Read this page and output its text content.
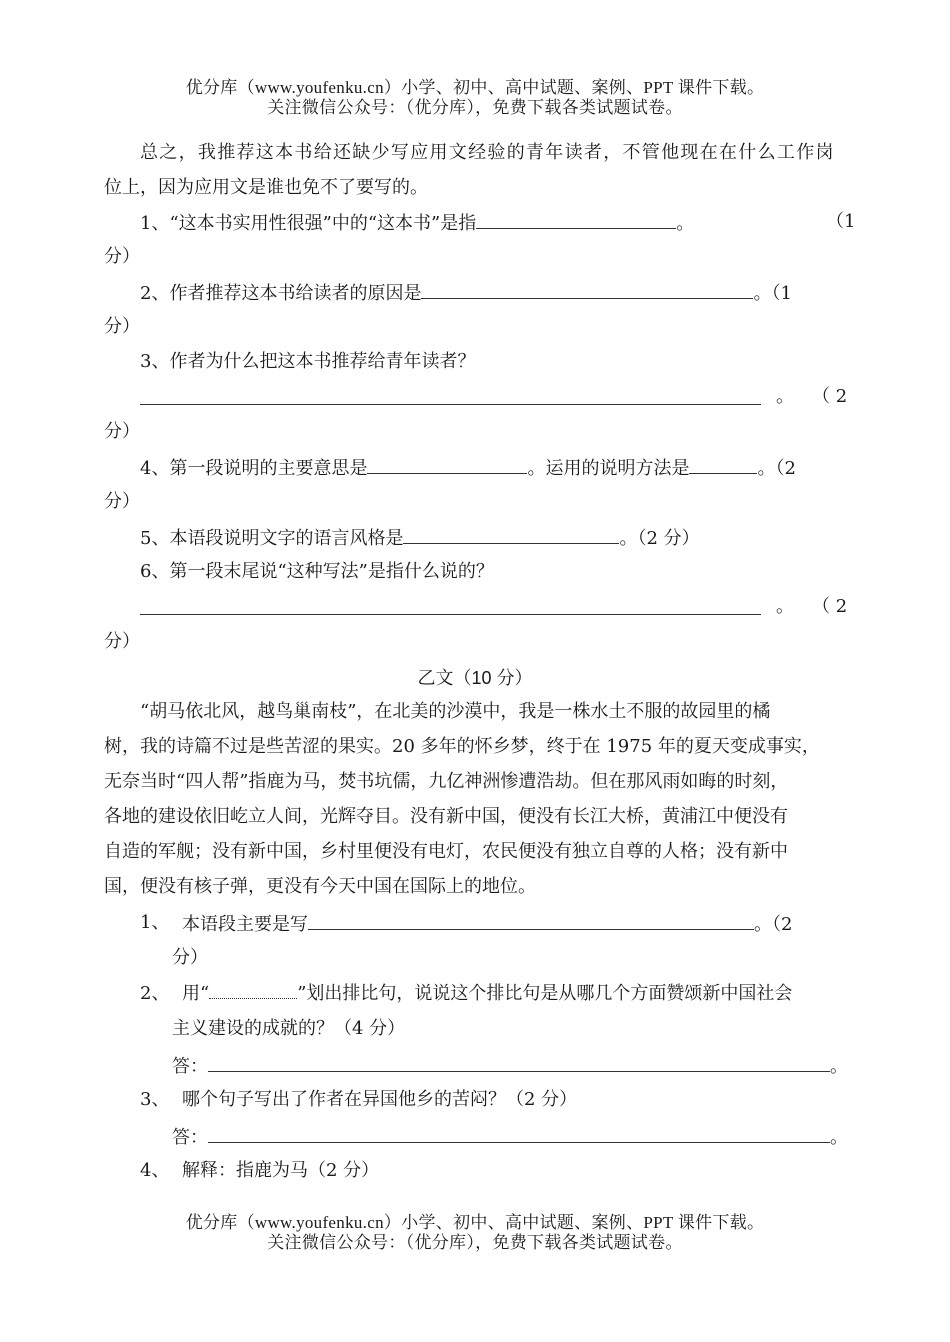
优分库（www.youfenku.cn）小学、初中、高中试题、案例、PPT 课件下载。
关注微信公众号：（优分库），免费下载各类试题试卷。
总之，我推荐这本书给还缺少写应用文经验的青年读者，不管他现在在什么工作岗
位上，因为应用文是谁也免不了要写的。
1、“这本书实用性很强”中的“这本书”是指	。	（1
分）
2、作者推荐这本书给读者的原因是	。（1
分）
3、作者为什么把这本书推荐给青年读者？
。 （ 2
分）
4、第一段说明的主要意思是	。运用的说明方法是	。（2
分）
5、本语段说明文字的语言风格是	。（2 分）
6、第一段末尾说“这种写法”是指什么说的？
。 （ 2
分）
乙文（10 分）
“胡马依北风，越鸟巢南枝”，在北美的沙漠中，我是一株水土不服的故园里的橘
树，我的诗篇不过是些苦涩的果实。20 多年的怀乡梦，终于在 1975 年的夏天变成事实，
无奈当时“四人帮”指鹿为马，焚书坑儒，九亿神洲惨遭浩劫。但在那风雨如晦的时刻，
各地的建设依旧屹立人间，光辉夺目。没有新中国，便没有长江大桥，黄浦江中便没有
自造的军舰；没有新中国，乡村里便没有电灯，农民便没有独立自尊的人格；没有新中
国，便没有核子弹，更没有今天中国在国际上的地位。
1、 本语段主要是写	。（2
分）
2、 用“	”划出排比句，说说这个排比句是从哪几个方面赞颂新中国社会
主义建设的成就的？（4 分）
答：	。
3、 哪个句子写出了作者在异国他乡的苦闷？（2 分）
答：	。
4、 解释：指鹿为马（2 分）
优分库（www.youfenku.cn）小学、初中、高中试题、案例、PPT 课件下载。
关注微信公众号：（优分库），免费下载各类试题试卷。
